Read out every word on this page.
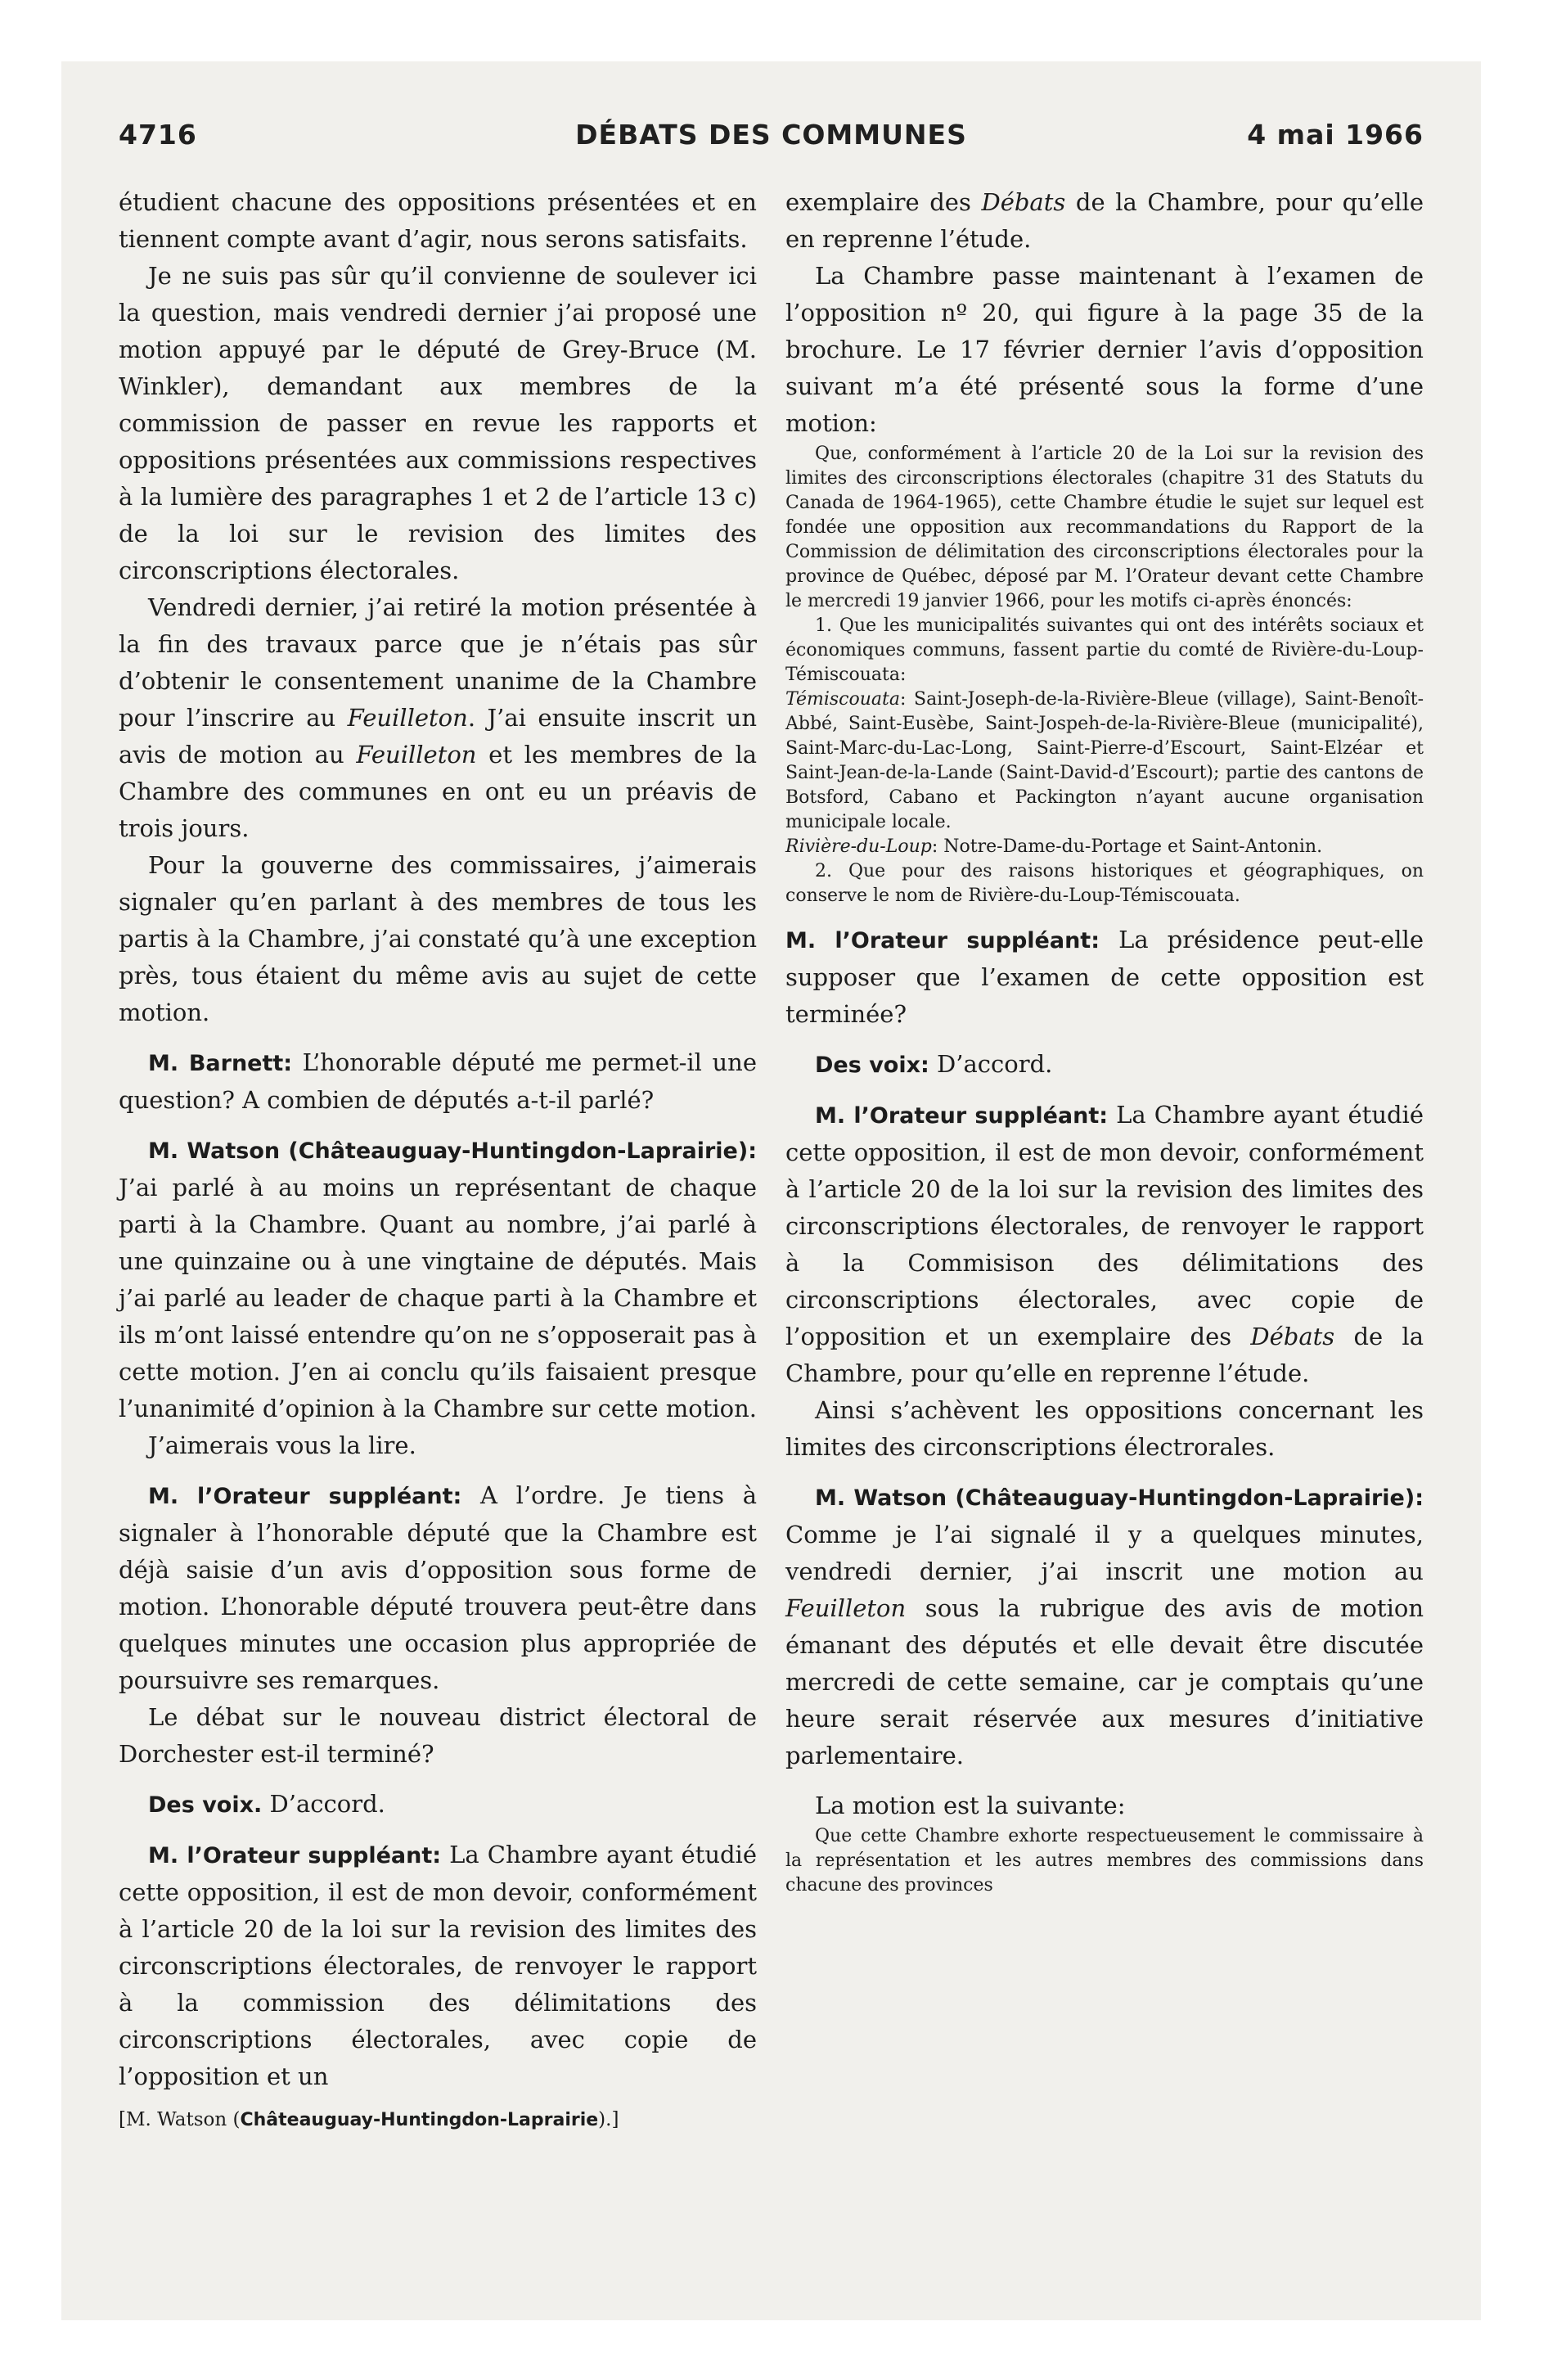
4716	DÉBATS DES COMMUNES	4 mai 1966

étudient chacune des oppositions présentées et en tiennent compte avant d’agir, nous serons satisfaits.

Je ne suis pas sûr qu’il convienne de soulever ici la question, mais vendredi dernier j’ai proposé une motion appuyé par le député de Grey-Bruce (M. Winkler), demandant aux membres de la commission de passer en revue les rapports et oppositions présentées aux commissions respectives à la lumière des paragraphes 1 et 2 de l’article 13 c) de la loi sur le revision des limites des circonscriptions électorales.

Vendredi dernier, j’ai retiré la motion présentée à la fin des travaux parce que je n’étais pas sûr d’obtenir le consentement unanime de la Chambre pour l’inscrire au Feuilleton. J’ai ensuite inscrit un avis de motion au Feuilleton et les membres de la Chambre des communes en ont eu un préavis de trois jours.

Pour la gouverne des commissaires, j’aimerais signaler qu’en parlant à des membres de tous les partis à la Chambre, j’ai constaté qu’à une exception près, tous étaient du même avis au sujet de cette motion.

M. Barnett: L’honorable député me permet-il une question? A combien de députés a-t-il parlé?

M. Watson (Châteauguay-Huntingdon-Laprairie): J’ai parlé à au moins un représentant de chaque parti à la Chambre. Quant au nombre, j’ai parlé à une quinzaine ou à une vingtaine de députés. Mais j’ai parlé au leader de chaque parti à la Chambre et ils m’ont laissé entendre qu’on ne s’opposerait pas à cette motion. J’en ai conclu qu’ils faisaient presque l’unanimité d’opinion à la Chambre sur cette motion.

J’aimerais vous la lire.

M. l’Orateur suppléant: A l’ordre. Je tiens à signaler à l’honorable député que la Chambre est déjà saisie d’un avis d’opposition sous forme de motion. L’honorable député trouvera peut-être dans quelques minutes une occasion plus appropriée de poursuivre ses remarques.

Le débat sur le nouveau district électoral de Dorchester est-il terminé?

Des voix. D’accord.

M. l’Orateur suppléant: La Chambre ayant étudié cette opposition, il est de mon devoir, conformément à l’article 20 de la loi sur la revision des limites des circonscriptions électorales, de renvoyer le rapport à la commission des délimitations des circonscriptions électorales, avec copie de l’opposition et un

[M. Watson (Châteauguay-Huntingdon-Laprairie).]

exemplaire des Débats de la Chambre, pour qu’elle en reprenne l’étude.

La Chambre passe maintenant à l’examen de l’opposition nº 20, qui figure à la page 35 de la brochure. Le 17 février dernier l’avis d’opposition suivant m’a été présenté sous la forme d’une motion:

Que, conformément à l’article 20 de la Loi sur la revision des limites des circonscriptions électorales (chapitre 31 des Statuts du Canada de 1964-1965), cette Chambre étudie le sujet sur lequel est fondée une opposition aux recommandations du Rapport de la Commission de délimitation des circonscriptions électorales pour la province de Québec, déposé par M. l’Orateur devant cette Chambre le mercredi 19 janvier 1966, pour les motifs ci-après énoncés:

1. Que les municipalités suivantes qui ont des intérêts sociaux et économiques communs, fassent partie du comté de Rivière-du-Loup-Témiscouata:

Témiscouata: Saint-Joseph-de-la-Rivière-Bleue (village), Saint-Benoît-Abbé, Saint-Eusèbe, Saint-Jospeh-de-la-Rivière-Bleue (municipalité), Saint-Marc-du-Lac-Long, Saint-Pierre-d’Escourt, Saint-Elzéar et Saint-Jean-de-la-Lande (Saint-David-d’Escourt); partie des cantons de Botsford, Cabano et Packington n’ayant aucune organisation municipale locale.

Rivière-du-Loup: Notre-Dame-du-Portage et Saint-Antonin.

2. Que pour des raisons historiques et géographiques, on conserve le nom de Rivière-du-Loup-Témiscouata.

M. l’Orateur suppléant: La présidence peut-elle supposer que l’examen de cette opposition est terminée?

Des voix: D’accord.

M. l’Orateur suppléant: La Chambre ayant étudié cette opposition, il est de mon devoir, conformément à l’article 20 de la loi sur la revision des limites des circonscriptions électorales, de renvoyer le rapport à la Commisison des délimitations des circonscriptions électorales, avec copie de l’opposition et un exemplaire des Débats de la Chambre, pour qu’elle en reprenne l’étude.

Ainsi s’achèvent les oppositions concernant les limites des circonscriptions électrorales.

M. Watson (Châteauguay-Huntingdon-Laprairie): Comme je l’ai signalé il y a quelques minutes, vendredi dernier, j’ai inscrit une motion au Feuilleton sous la rubrigue des avis de motion émanant des députés et elle devait être discutée mercredi de cette semaine, car je comptais qu’une heure serait réservée aux mesures d’initiative parlementaire.

La motion est la suivante:

Que cette Chambre exhorte respectueusement le commissaire à la représentation et les autres membres des commissions dans chacune des provinces
